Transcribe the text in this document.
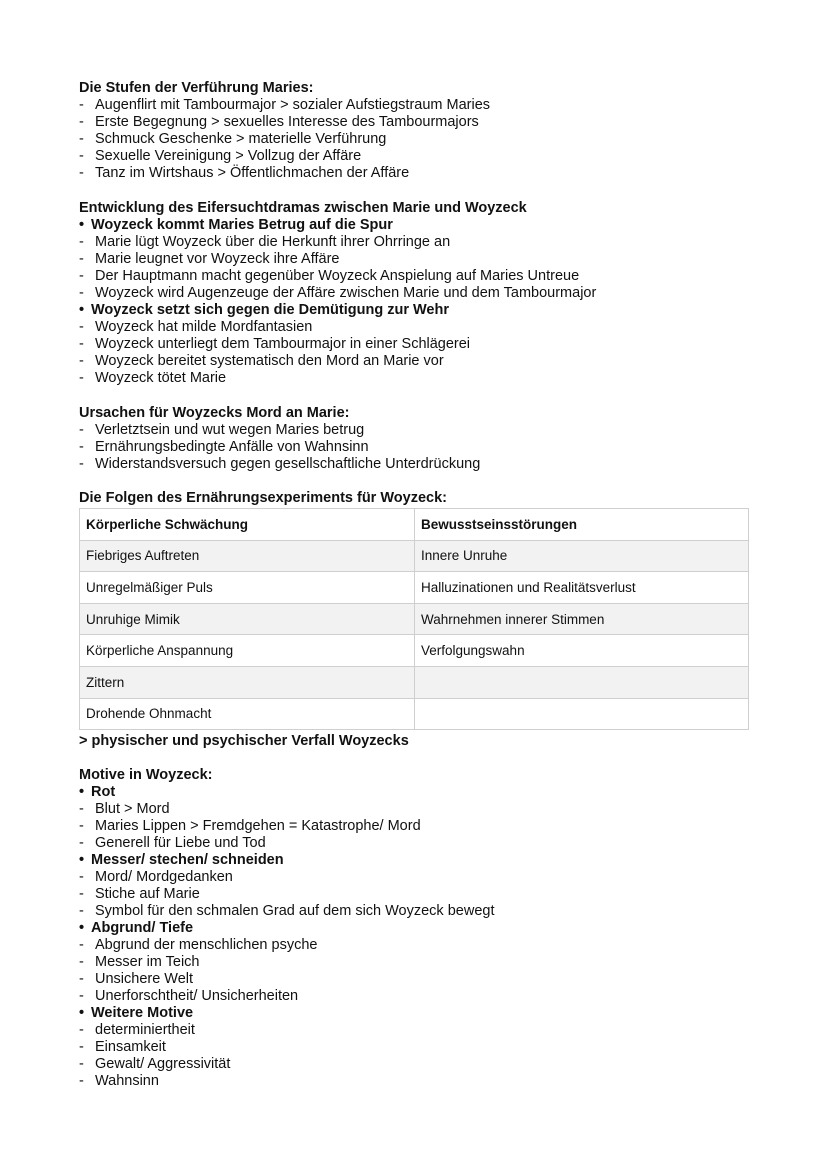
Die Stufen der Verführung Maries:
- Augenflirt mit Tambourmajor > sozialer Aufstiegstraum Maries
- Erste Begegnung > sexuelles Interesse des Tambourmajors
- Schmuck Geschenke > materielle Verführung
- Sexuelle Vereinigung > Vollzug der Affäre
- Tanz im Wirtshaus > Öffentlichmachen der Affäre
Entwicklung des Eifersuchtdramas zwischen Marie und Woyzeck
• Woyzeck kommt Maries Betrug auf die Spur
- Marie lügt Woyzeck über die Herkunft ihrer Ohrringe an
- Marie leugnet vor Woyzeck ihre Affäre
- Der Hauptmann macht gegenüber Woyzeck Anspielung auf Maries Untreue
- Woyzeck wird Augenzeuge der Affäre zwischen Marie und dem Tambourmajor
• Woyzeck setzt sich gegen die Demütigung zur Wehr
- Woyzeck hat milde Mordfantasien
- Woyzeck unterliegt dem Tambourmajor in einer Schlägerei
- Woyzeck bereitet systematisch den Mord an Marie vor
- Woyzeck tötet Marie
Ursachen für Woyzecks Mord an Marie:
- Verletztsein und wut wegen Maries betrug
- Ernährungsbedingte Anfälle von Wahnsinn
- Widerstandsversuch gegen gesellschaftliche Unterdrückung
Die Folgen des Ernährungsexperiments für Woyzeck:
Körperliche Schwächung	Bewusstseinsstörungen
Fiebriges Auftreten	Innere Unruhe
Unregelmäßiger Puls	Halluzinationen und Realitätsverlust
Unruhige Mimik	Wahrnehmen innerer Stimmen
Körperliche Anspannung	Verfolgungswahn
Zittern	
Drohende Ohnmacht	
> physischer und psychischer Verfall Woyzecks
Motive in Woyzeck:
• Rot
- Blut > Mord
- Maries Lippen > Fremdgehen = Katastrophe/ Mord
- Generell für Liebe und Tod
• Messer/ stechen/ schneiden
- Mord/ Mordgedanken
- Stiche auf Marie
- Symbol für den schmalen Grad auf dem sich Woyzeck bewegt
• Abgrund/ Tiefe
- Abgrund der menschlichen psyche
- Messer im Teich
- Unsichere Welt
- Unerforschtheit/ Unsicherheiten
• Weitere Motive
- determiniertheit
- Einsamkeit
- Gewalt/ Aggressivität
- Wahnsinn
